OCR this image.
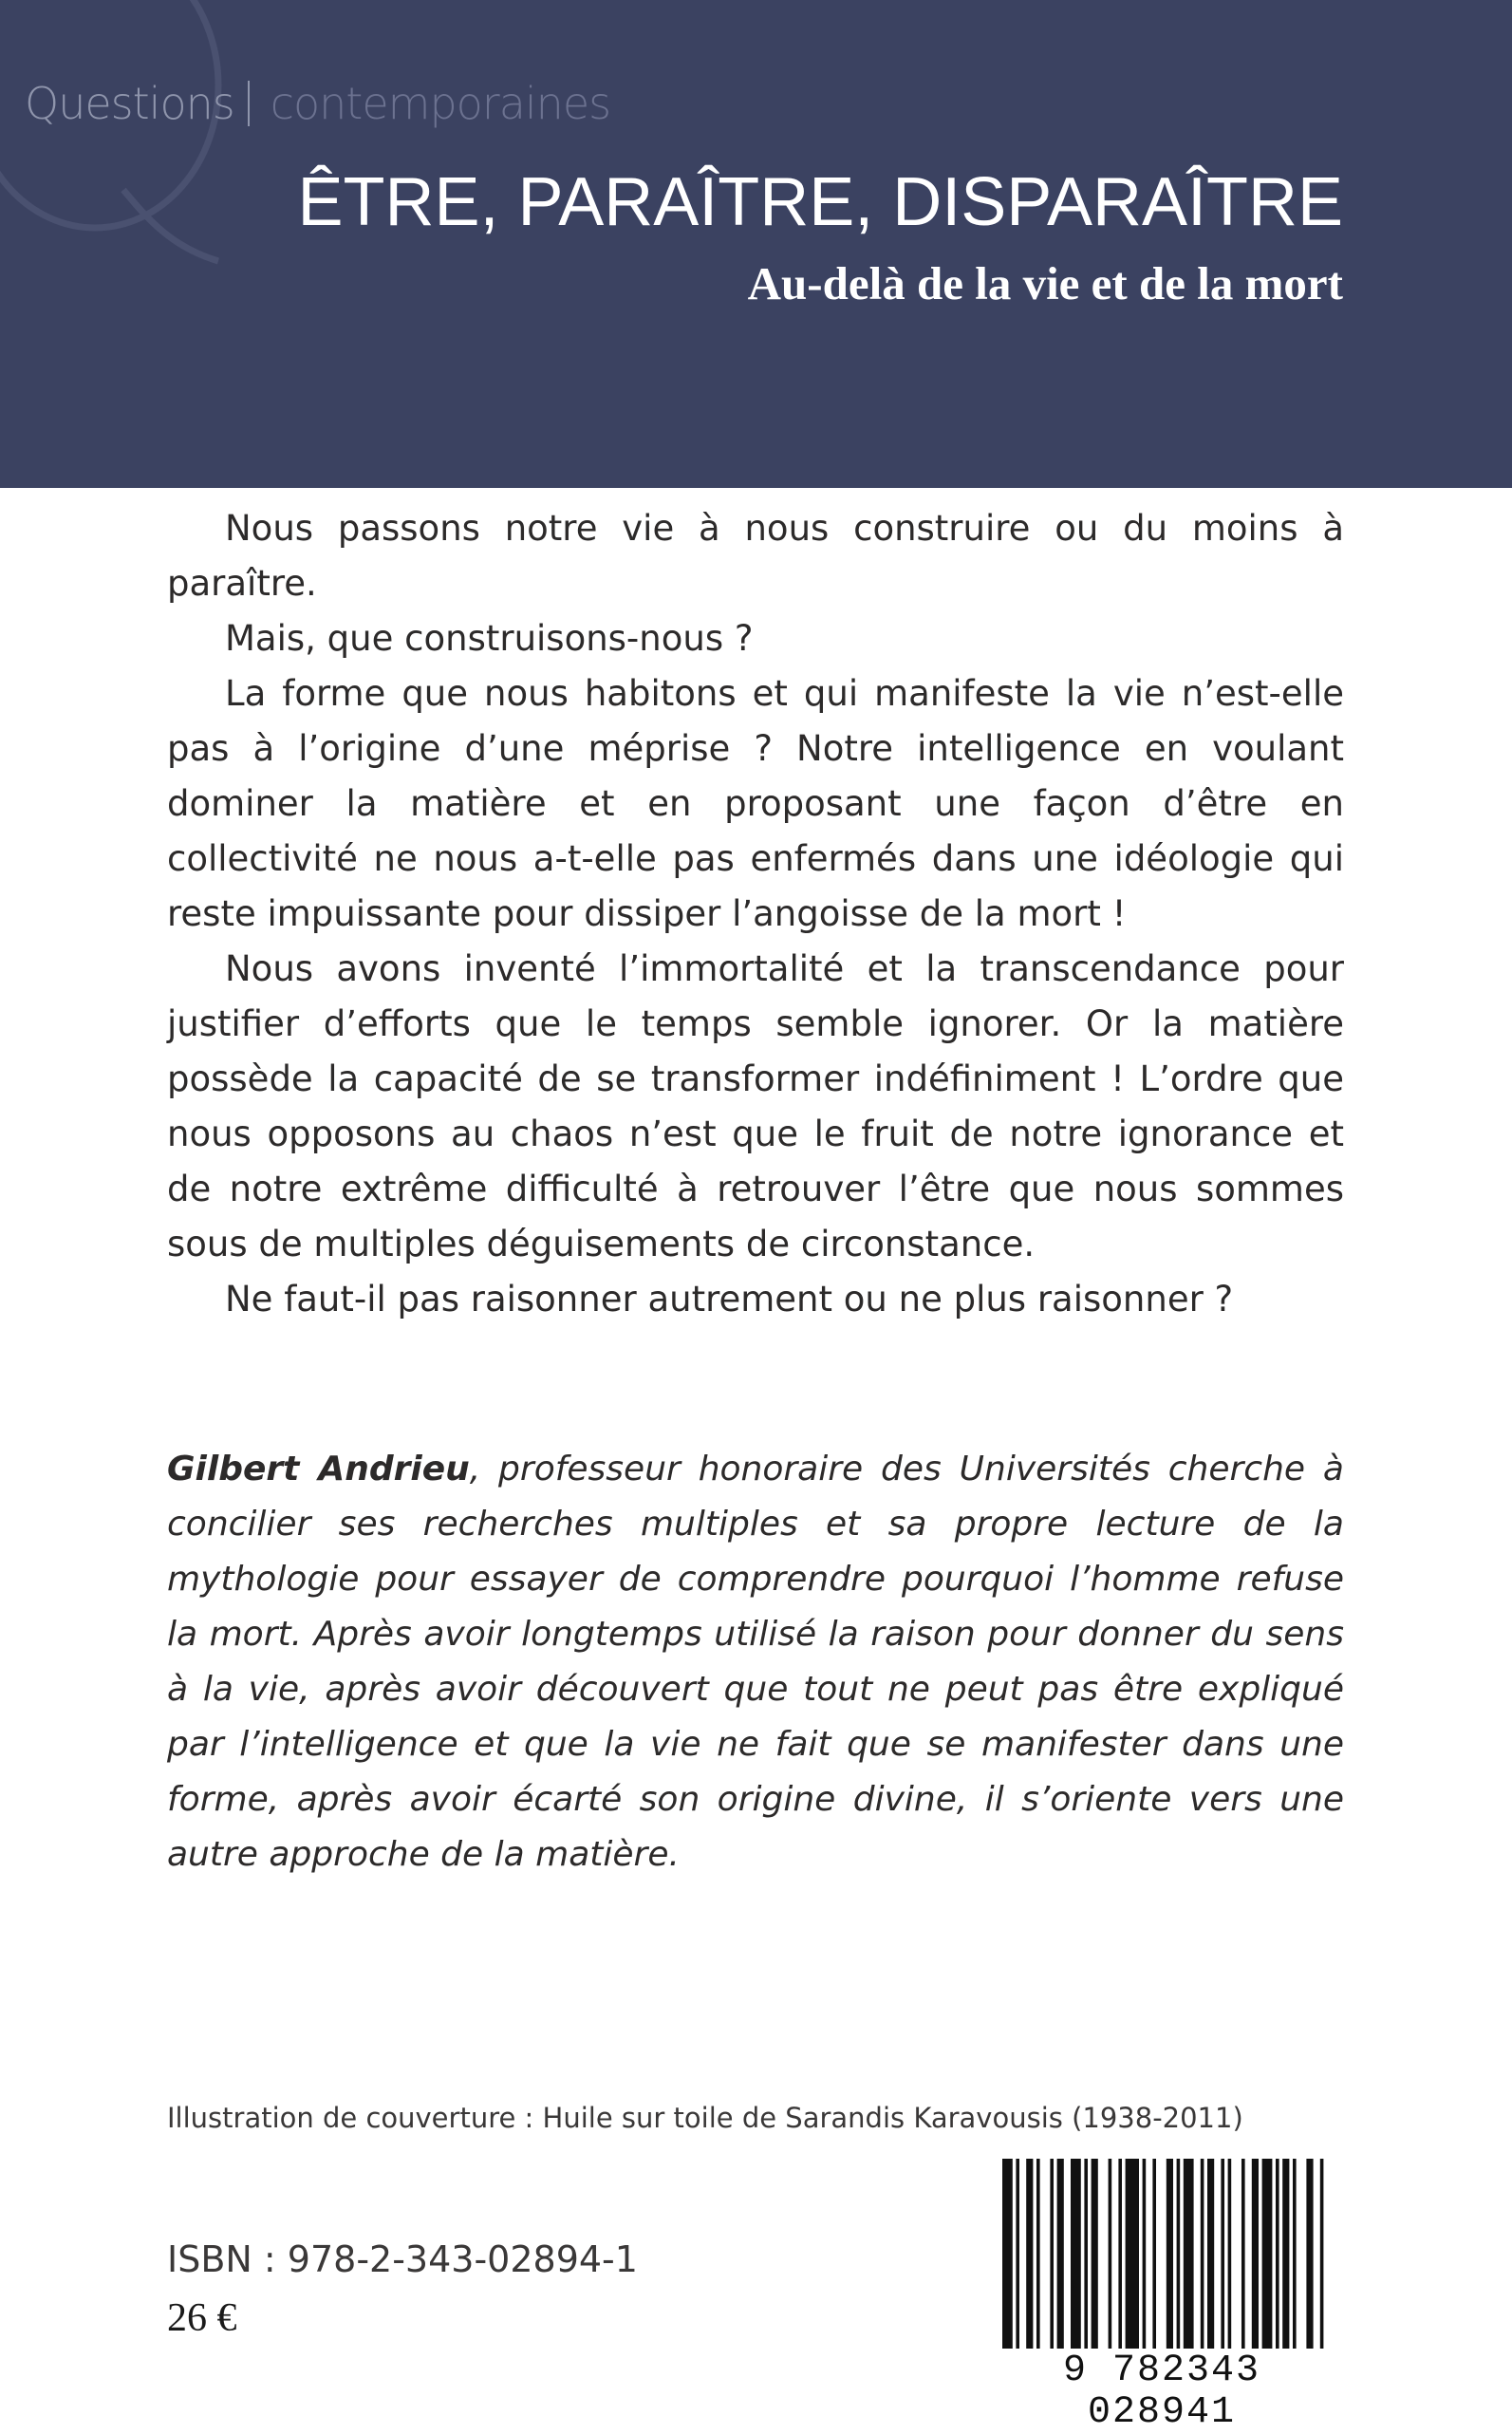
Questions contemporaines
ÊTRE, PARAÎTRE, DISPARAÎTRE
Au-delà de la vie et de la mort

Nous passons notre vie à nous construire ou du moins à paraître.

Mais, que construisons-nous ?

La forme que nous habitons et qui manifeste la vie n’est-elle pas à l’origine d’une méprise ? Notre intelligence en voulant dominer la matière et en proposant une façon d’être en collectivité ne nous a-t-elle pas enfermés dans une idéologie qui reste impuissante pour dissiper l’angoisse de la mort !

Nous avons inventé l’immortalité et la transcendance pour justifier d’efforts que le temps semble ignorer. Or la matière possède la capacité de se transformer indéfiniment ! L’ordre que nous opposons au chaos n’est que le fruit de notre ignorance et de notre extrême difficulté à retrouver l’être que nous sommes sous de multiples déguisements de circonstance.

Ne faut-il pas raisonner autrement ou ne plus raisonner ?

Gilbert Andrieu, professeur honoraire des Universités cherche à concilier ses recherches multiples et sa propre lecture de la mythologie pour essayer de comprendre pourquoi l’homme refuse la mort. Après avoir longtemps utilisé la raison pour donner du sens à la vie, après avoir découvert que tout ne peut pas être expliqué par l’intelligence et que la vie ne fait que se manifester dans une forme, après avoir écarté son origine divine, il s’oriente vers une autre approche de la matière.
Illustration de couverture : Huile sur toile de Sarandis Karavousis (1938-2011)
ISBN : 978-2-343-02894-1
26 €
9 782343 028941
